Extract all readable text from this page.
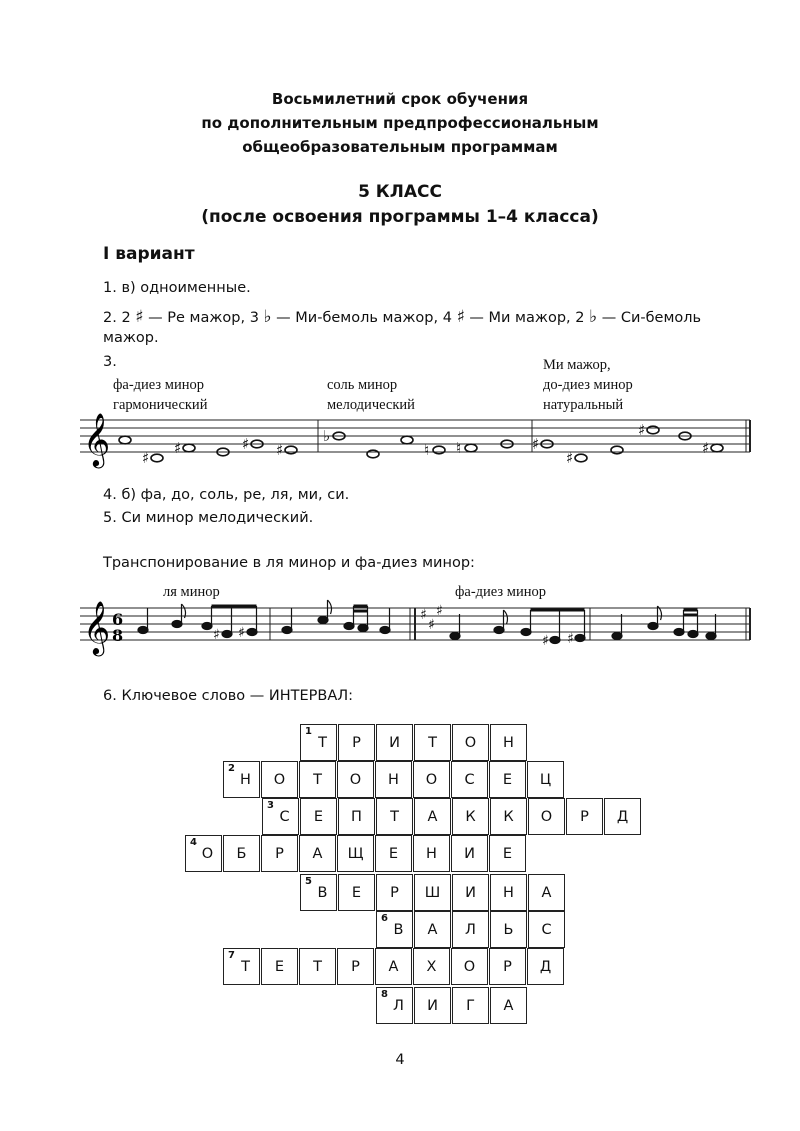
Восьмилетний срок обучения
по дополнительным предпрофессиональным
общеобразовательным программам
5 КЛАСС
(после освоения программы 1–4 класса)
I вариант
1. в) одноименные.
2. 2 ♯ — Ре мажор, 3 ♭ — Ми-бемоль мажор, 4 ♯ — Ми мажор, 2 ♭ — Си-бемоль
мажор.
3.
фа-диез минор
гармонический
соль минор
мелодический
Ми мажор,
до-диез минор
натуральный
𝄞 ♯
♯	♯ ♯
♭
♮ ♮	♯
♯
♯
♯
4. б) фа, до, соль, ре, ля, ми, си.
5. Си минор мелодический.
Транспонирование в ля минор и фа-диез минор:
ля минор	фа-диез минор
𝄞 6
8	♯ ♯
♯
♯
♯
♯ ♯
6. Ключевое слово — ИНТЕРВАЛ:
1
Т Р И Т О Н
2
Н О Т О Н О С Е Ц
3
С Е П Т А К К О Р Д
4
О Б Р А Щ Е Н И Е
5
В Е Р Ш И Н А
6
В А Л Ь С
7
Т Е Т Р А Х О Р Д
8
Л И Г А
4
